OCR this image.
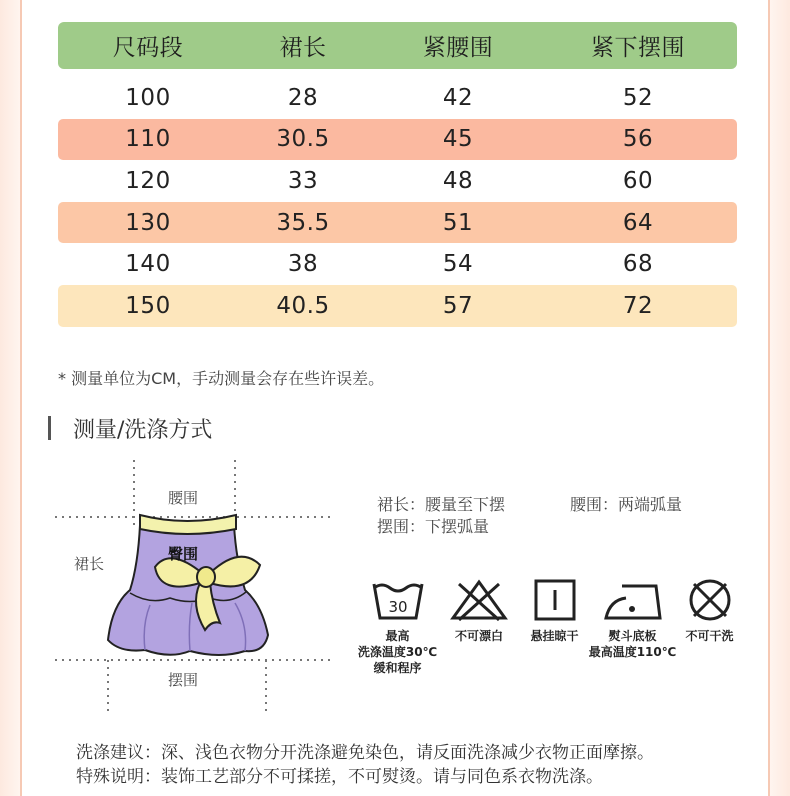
尺码段	裙长	紧腰围	紧下摆围
100	28	42	52
110	30.5	45	56
120	33	48	60
130	35.5	51	64
140	38	54	68
150	40.5	57	72
* 测量单位为CM，手动测量会存在些许误差。
测量/洗涤方式
腰围
臀围
裙长
摆围
裙长：腰量至下摆	腰围：两端弧量
摆围：下摆弧量
30
最高
洗涤温度30℃
缓和程序
不可漂白	悬挂晾干	熨斗底板
最高温度110℃
不可干洗
洗涤建议：深、浅色衣物分开洗涤避免染色，请反面洗涤减少衣物正面摩擦。
特殊说明：装饰工艺部分不可揉搓，不可熨烫。请与同色系衣物洗涤。
